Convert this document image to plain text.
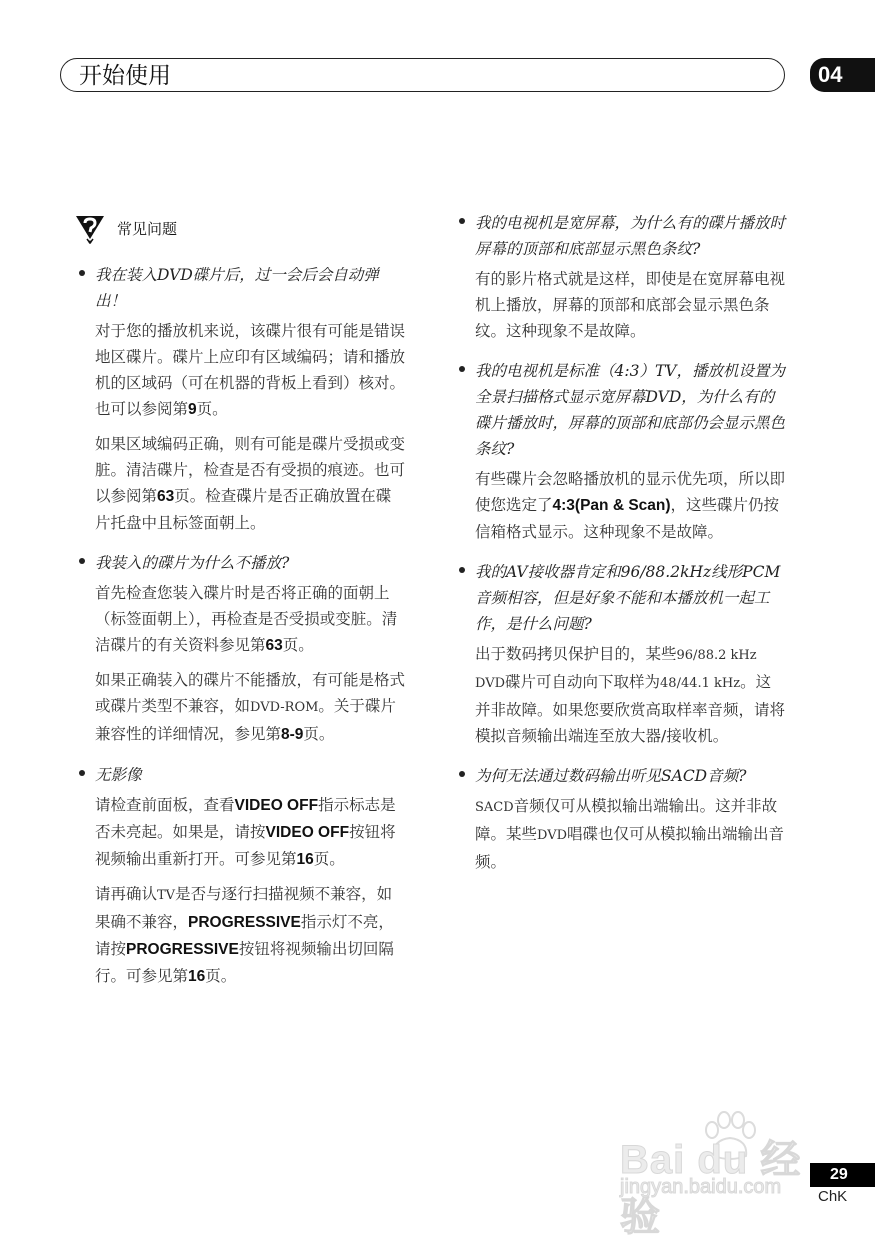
开始使用	04
常见问题

我在装入DVD碟片后，过一会后会自动弹出！

对于您的播放机来说，该碟片很有可能是错误地区碟片。碟片上应印有区域编码；请和播放机的区域码（可在机器的背板上看到）核对。也可以参阅第9页。

如果区域编码正确，则有可能是碟片受损或变脏。清洁碟片，检查是否有受损的痕迹。也可以参阅第63页。检查碟片是否正确放置在碟片托盘中且标签面朝上。

我装入的碟片为什么不播放?

首先检查您装入碟片时是否将正确的面朝上（标签面朝上），再检查是否受损或变脏。清洁碟片的有关资料参见第63页。

如果正确装入的碟片不能播放，有可能是格式或碟片类型不兼容，如DVD-ROM。关于碟片兼容性的详细情况，参见第8-9页。

无影像

请检查前面板，查看VIDEO OFF指示标志是否未亮起。如果是，请按VIDEO OFF按钮将视频输出重新打开。可参见第16页。

请再确认TV是否与逐行扫描视频不兼容，如果确不兼容，PROGRESSIVE指示灯不亮，请按PROGRESSIVE按钮将视频输出切回隔行。可参见第16页。

我的电视机是宽屏幕，为什么有的碟片播放时屏幕的顶部和底部显示黑色条纹?

有的影片格式就是这样，即使是在宽屏幕电视机上播放，屏幕的顶部和底部会显示黑色条纹。这种现象不是故障。

我的电视机是标准（4:3）TV，播放机设置为全景扫描格式显示宽屏幕DVD，为什么有的碟片播放时，屏幕的顶部和底部仍会显示黑色条纹?

有些碟片会忽略播放机的显示优先项，所以即使您选定了4:3(Pan & Scan)，这些碟片仍按信箱格式显示。这种现象不是故障。

我的AV接收器肯定和96/88.2kHz线形PCM音频相容，但是好象不能和本播放机一起工作，是什么问题?

出于数码拷贝保护目的，某些96/88.2 kHz DVD碟片可自动向下取样为48/44.1 kHz。这并非故障。如果您要欣赏高取样率音频，请将模拟音频输出端连至放大器/接收机。

为何无法通过数码输出听见SACD音频?

SACD音频仅可从模拟输出端输出。这并非故障。某些DVD唱碟也仅可从模拟输出端输出音频。

Bai du 经验
jingyan.baidu.com
29
ChK
